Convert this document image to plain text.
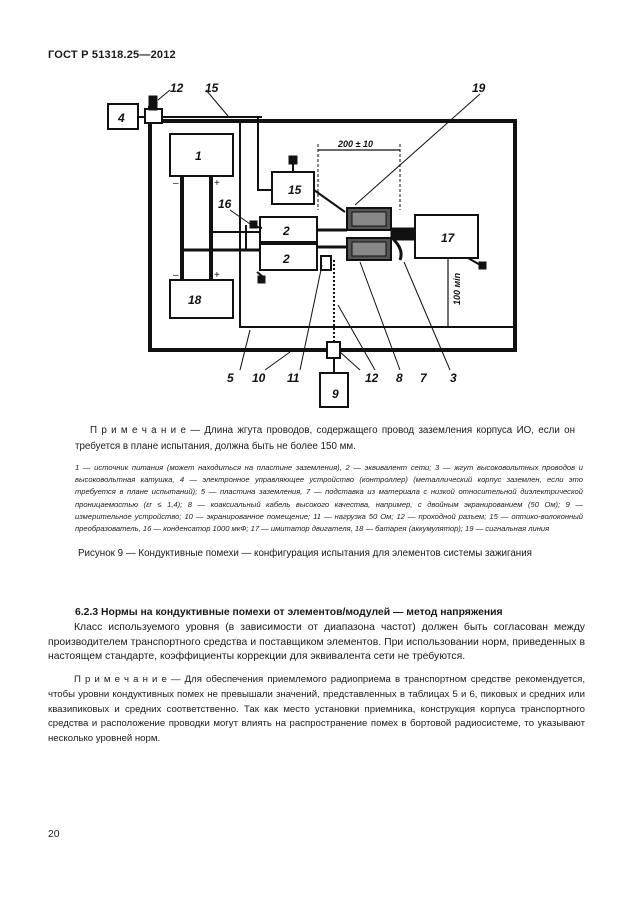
ГОСТ Р 51318.25—2012
4
12 15	19
1
18
15
2
2
16
17
9
5 10 11	12 8 7 3
200 ± 10
100 мin
+
–
+
–
П р и м е ч а н и е — Длина жгута проводов, содержащего провод заземления корпуса ИО, если он требуется в плане испытания, должна быть не более 150 мм.
1 — источник питания (может находиться на пластине заземления), 2 — эквивалент сети; 3 — жгут высоковольтных проводов и высоковольтная катушка, 4 — электронное управляющее устройство (контроллер) (металлический корпус заземлен, если это требуется в плане испытаний); 5 — пластина заземления, 7 — подставка из материала с низкой относительной диэлектрической проницаемостью (εr ≤ 1,4); 8 — коаксиальный кабель высокого качества, например, с двойным экранированием (50 Ом); 9 — измерительное устройство; 10 — экранированное помещение; 11 — нагрузка 50 Ом; 12 — проходной разъем; 15 — оптико-волоконный преобразователь, 16 — конденсатор 1000 мкФ; 17 — имитатор двигателя, 18 — батарея (аккумулятор); 19 — сигнальная линия
Рисунок 9 — Кондуктивные помехи — конфигурация испытания для элементов системы зажигания
6.2.3 Нормы на кондуктивные помехи от элементов/модулей — метод напряжения
Класс используемого уровня (в зависимости от диапазона частот) должен быть согласован между производителем транспортного средства и поставщиком элементов. При использовании норм, приведенных в настоящем стандарте, коэффициенты коррекции для эквивалента сети не требуются.
П р и м е ч а н и е — Для обеспечения приемлемого радиоприема в транспортном средстве рекомендуется, чтобы уровни кондуктивных помех не превышали значений, представленных в таблицах 5 и 6, пиковых и средних или квазипиковых и средних соответственно. Так как место установки приемника, конструкция корпуса транспортного средства и расположение проводки могут влиять на распространение помех в бортовой радиосистеме, то указывают несколько уровней норм.
20
